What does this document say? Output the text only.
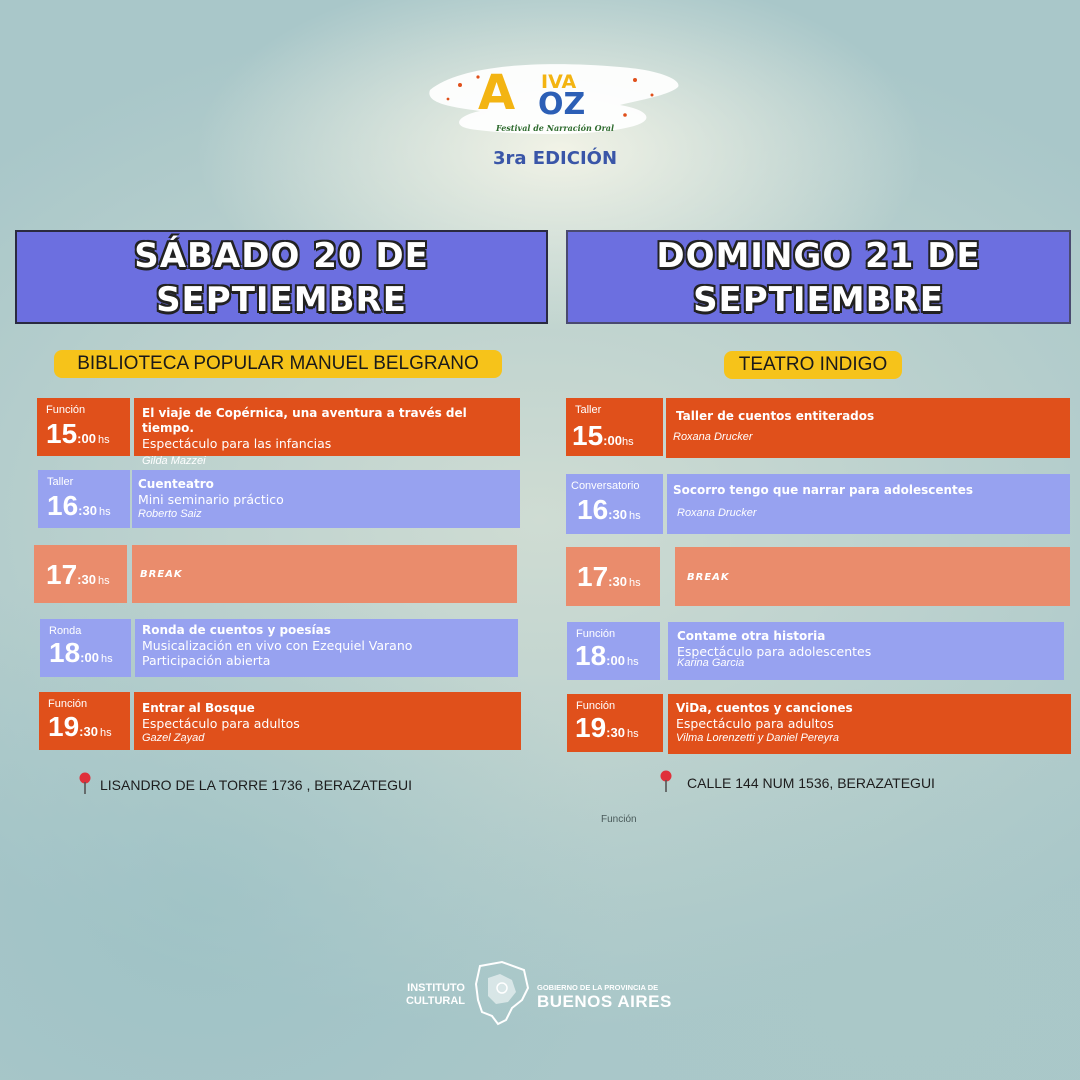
A IVA
OZ
Festival de Narración Oral
3ra EDICIÓN
SÁBADO 20 DE
SEPTIEMBRE
DOMINGO 21 DE
SEPTIEMBRE
BIBLIOTECA POPULAR MANUEL BELGRANO	TEATRO INDIGO
Función
15:00 hs
El viaje de Copérnica, una aventura a través del tiempo.
Espectáculo para las infancias
Gilda Mazzei
Taller
16:30 hs
Cuenteatro
Mini seminario práctico
Roberto Saiz
17:30 hs
BREAK
Ronda
18:00 hs
Ronda de cuentos y poesías
Musicalización en vivo con Ezequiel Varano
Participación abierta
Función
19:30 hs
Entrar al Bosque
Espectáculo para adultos
Gazel Zayad
Taller
15:00hs
Taller de cuentos entiterados
Roxana Drucker
Conversatorio
16:30 hs
Socorro tengo que narrar para adolescentes
Roxana Drucker
17:30 hs	BREAK
Función
18:00 hs
Contame otra historia
Espectáculo para adolescentes
Karina Garcia
Función
19:30 hs
ViDa, cuentos y canciones
Espectáculo para adultos
Vilma Lorenzetti y Daniel Pereyra
LISANDRO DE LA TORRE 1736 , BERAZATEGUI	CALLE 144 NUM 1536, BERAZATEGUI
Función
INSTITUTO
CULTURAL
GOBIERNO DE LA PROVINCIA DE
BUENOS AIRES
